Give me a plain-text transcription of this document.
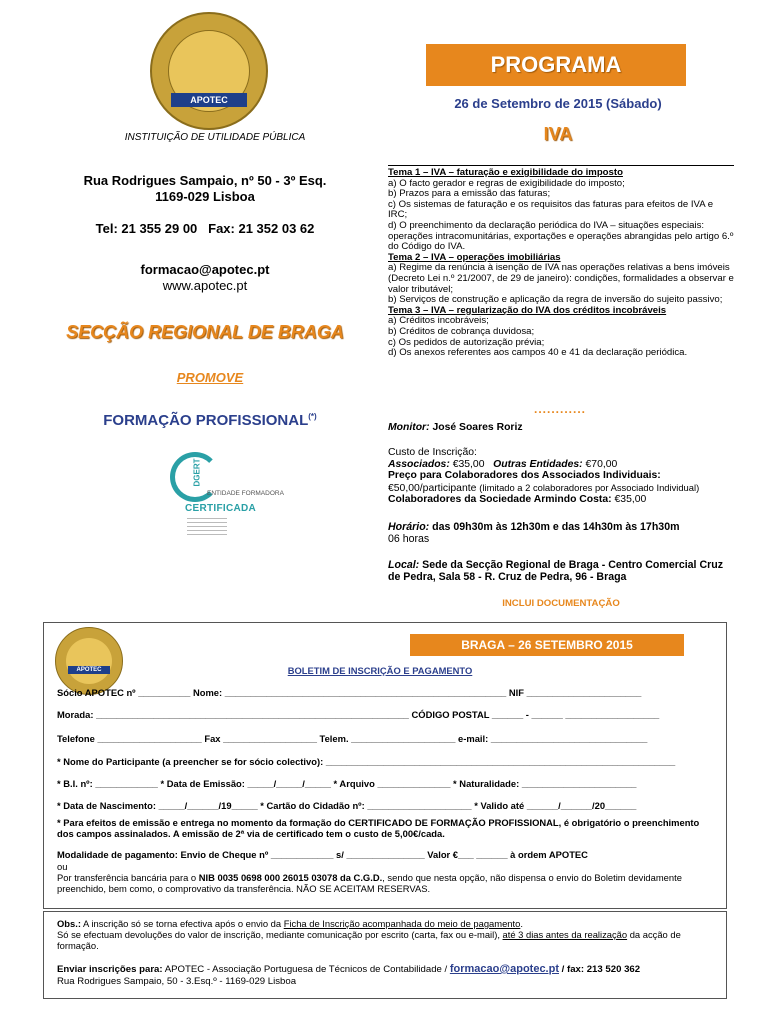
APOTEC
INSTITUIÇÃO DE UTILIDADE PÚBLICA
Rua Rodrigues Sampaio, nº 50 - 3º Esq.
1169-029 Lisboa
Tel: 21 355 29 00   Fax: 21 352 03 62
formacao@apotec.pt
www.apotec.pt
SECÇÃO REGIONAL DE BRAGA
PROMOVE
FORMAÇÃO PROFISSIONAL(*)
DGERT
ENTIDADE FORMADORA
CERTIFICADA
PROGRAMA
26 de Setembro de 2015 (Sábado)
IVA
Tema 1 – IVA – faturação e exigibilidade do imposto
a) O facto gerador e regras de exigibilidade do imposto;
b) Prazos para a emissão das faturas;
c) Os sistemas de faturação e os requisitos das faturas para efeitos de IVA e IRC;
d) O preenchimento da declaração periódica do IVA – situações especiais: operações intracomunitárias, exportações e operações abrangidas pelo artigo 6.º do Código do IVA.
Tema 2 – IVA – operações imobiliárias
a) Regime da renúncia à isenção de IVA nas operações relativas a bens imóveis (Decreto Lei n.º 21/2007, de 29 de janeiro): condições, formalidades a observar e valor tributável;
b) Serviços de construção e aplicação da regra de inversão do sujeito passivo;
Tema 3 – IVA – regularização do IVA dos créditos incobráveis
a) Créditos incobráveis;
b) Créditos de cobrança duvidosa;
c) Os pedidos de autorização prévia;
d) Os anexos referentes aos campos 40 e 41 da declaração periódica.
............
Monitor: José Soares Roriz
Custo de Inscrição:
Associados: €35,00 Outras Entidades: €70,00
Preço para Colaboradores dos Associados Individuais:
€50,00/participante (limitado a 2 colaboradores por Associado Individual)
Colaboradores da Sociedade Armindo Costa: €35,00
Horário: das 09h30m às 12h30m e das 14h30m às 17h30m
06 horas
Local: Sede da Secção Regional de Braga - Centro Comercial Cruz de Pedra, Sala 58 - R. Cruz de Pedra, 96 - Braga
INCLUI DOCUMENTAÇÃO
APOTEC
BRAGA – 26 SETEMBRO 2015
BOLETIM DE INSCRIÇÃO E PAGAMENTO
Sócio APOTEC nº __________ Nome: ______________________________________________________ NIF ______________________
Morada: ____________________________________________________________ CÓDIGO POSTAL ______ - ______ __________________
Telefone ____________________ Fax __________________ Telem. ____________________ e-mail: ______________________________
* Nome do Participante (a preencher se for sócio colectivo): ___________________________________________________________________
* B.I. nº: ____________ * Data de Emissão: _____/_____/_____ * Arquivo ______________ * Naturalidade: ______________________
* Data de Nascimento: _____/______/19_____ * Cartão do Cidadão nº: ____________________ * Valido até ______/______/20______
* Para efeitos de emissão e entrega no momento da formação do CERTIFICADO DE FORMAÇÃO PROFISSIONAL, é obrigatório o preenchimento dos campos assinalados. A emissão de 2ª via de certificado tem o custo de 5,00€/cada.
Modalidade de pagamento: Envio de Cheque nº ____________ s/ _______________ Valor €___ ______ à ordem APOTEC
ou
Por transferência bancária para o NIB 0035 0698 000 26015 03078 da C.G.D., sendo que nesta opção, não dispensa o envio do Boletim devidamente preenchido, bem como, o comprovativo da transferência. NÃO SE ACEITAM RESERVAS.
Obs.: A inscrição só se torna efectiva após o envio da Ficha de Inscrição acompanhada do meio de pagamento.
Só se efectuam devoluções do valor de inscrição, mediante comunicação por escrito (carta, fax ou e-mail), até 3 dias antes da realização da acção de formação.
Enviar inscrições para: APOTEC - Associação Portuguesa de Técnicos de Contabilidade / formacao@apotec.pt / fax: 213 520 362
Rua Rodrigues Sampaio, 50 - 3.Esq.º - 1169-029 Lisboa
